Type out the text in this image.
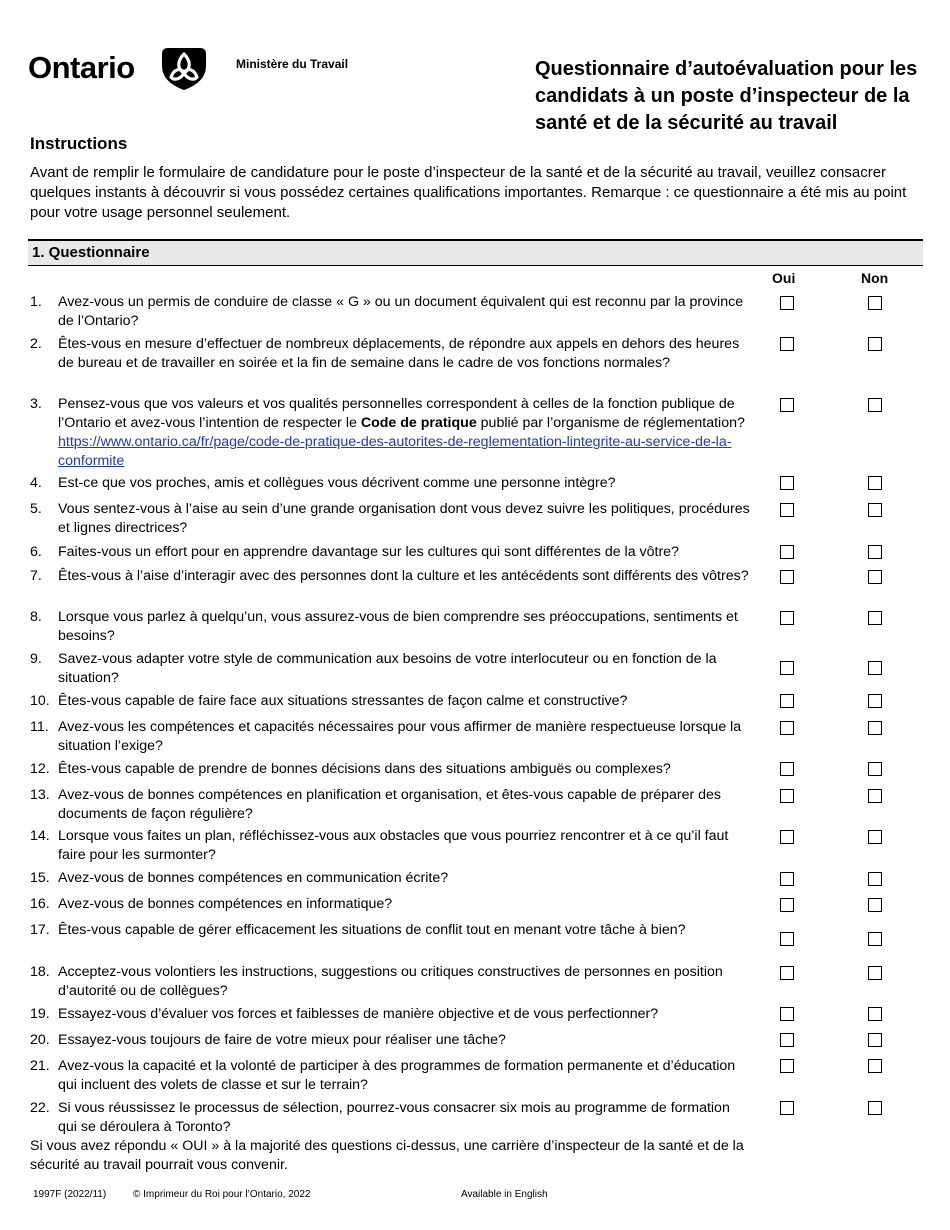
Ontario	Ministère du Travail	Questionnaire d’autoévaluation pour les candidats à un poste d’inspecteur de la santé et de la sécurité au travail
Instructions
Avant de remplir le formulaire de candidature pour le poste d’inspecteur de la santé et de la sécurité au travail, veuillez consacrer quelques instants à découvrir si vous possédez certaines qualifications importantes. Remarque : ce questionnaire a été mis au point pour votre usage personnel seulement.
1. Questionnaire
Oui	Non
1. Avez-vous un permis de conduire de classe « G » ou un document équivalent qui est reconnu par la province de l’Ontario?
2. Êtes-vous en mesure d’effectuer de nombreux déplacements, de répondre aux appels en dehors des heures de bureau et de travailler en soirée et la fin de semaine dans le cadre de vos fonctions normales?
3. Pensez-vous que vos valeurs et vos qualités personnelles correspondent à celles de la fonction publique de l’Ontario et avez-vous l’intention de respecter le Code de pratique publié par l’organisme de réglementation? https://www.ontario.ca/fr/page/code-de-pratique-des-autorites-de-reglementation-lintegrite-au-service-de-la-conformite
4. Est-ce que vos proches, amis et collègues vous décrivent comme une personne intègre?
5. Vous sentez-vous à l’aise au sein d’une grande organisation dont vous devez suivre les politiques, procédures et lignes directrices?
6. Faites-vous un effort pour en apprendre davantage sur les cultures qui sont différentes de la vôtre?
7. Êtes-vous à l’aise d’interagir avec des personnes dont la culture et les antécédents sont différents des vôtres?
8. Lorsque vous parlez à quelqu’un, vous assurez-vous de bien comprendre ses préoccupations, sentiments et besoins?
9. Savez-vous adapter votre style de communication aux besoins de votre interlocuteur ou en fonction de la situation?
10. Êtes-vous capable de faire face aux situations stressantes de façon calme et constructive?
11. Avez-vous les compétences et capacités nécessaires pour vous affirmer de manière respectueuse lorsque la situation l’exige?
12. Êtes-vous capable de prendre de bonnes décisions dans des situations ambiguës ou complexes?
13. Avez-vous de bonnes compétences en planification et organisation, et êtes-vous capable de préparer des documents de façon régulière?
14. Lorsque vous faites un plan, réfléchissez-vous aux obstacles que vous pourriez rencontrer et à ce qu’il faut faire pour les surmonter?
15. Avez-vous de bonnes compétences en communication écrite?
16. Avez-vous de bonnes compétences en informatique?
17. Êtes-vous capable de gérer efficacement les situations de conflit tout en menant votre tâche à bien?
18. Acceptez-vous volontiers les instructions, suggestions ou critiques constructives de personnes en position d’autorité ou de collègues?
19. Essayez-vous d’évaluer vos forces et faiblesses de manière objective et de vous perfectionner?
20. Essayez-vous toujours de faire de votre mieux pour réaliser une tâche?
21. Avez-vous la capacité et la volonté de participer à des programmes de formation permanente et d’éducation qui incluent des volets de classe et sur le terrain?
22. Si vous réussissez le processus de sélection, pourrez-vous consacrer six mois au programme de formation qui se déroulera à Toronto?
Si vous avez répondu « OUI » à la majorité des questions ci-dessus, une carrière d’inspecteur de la santé et de la sécurité au travail pourrait vous convenir.
1997F (2022/11)	© Imprimeur du Roi pour l’Ontario, 2022	Available in English
